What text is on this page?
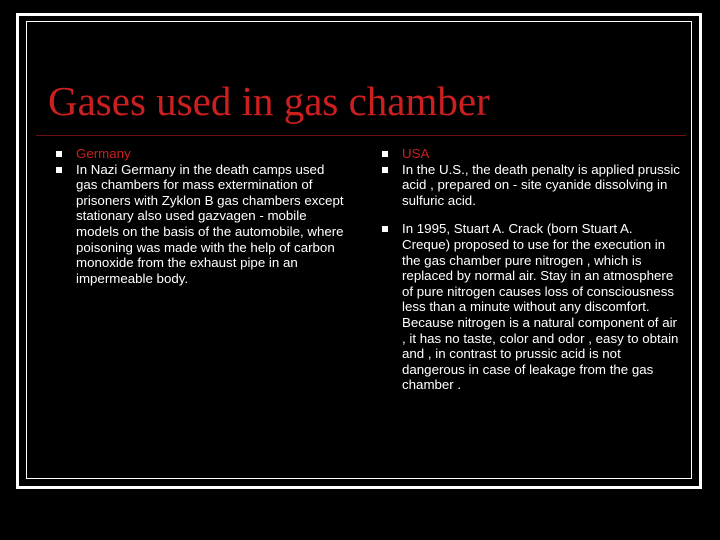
Gases used in gas chamber
Germany
In Nazi Germany in the death camps used gas chambers for mass extermination of prisoners with Zyklon B gas chambers except stationary also used gazvagen - mobile models on the basis of the automobile, where poisoning was made with the help of carbon monoxide from the exhaust pipe in an impermeable body.
USA
In the U.S., the death penalty is applied prussic acid , prepared on - site cyanide dissolving in sulfuric acid.
In 1995, Stuart A. Crack (born Stuart A. Creque) proposed to use for the execution in the gas chamber pure nitrogen , which is replaced by normal air. Stay in an atmosphere of pure nitrogen causes loss of consciousness less than a minute without any discomfort. Because nitrogen is a natural component of air , it has no taste, color and odor , easy to obtain and , in contrast to prussic acid is not dangerous in case of leakage from the gas chamber .
